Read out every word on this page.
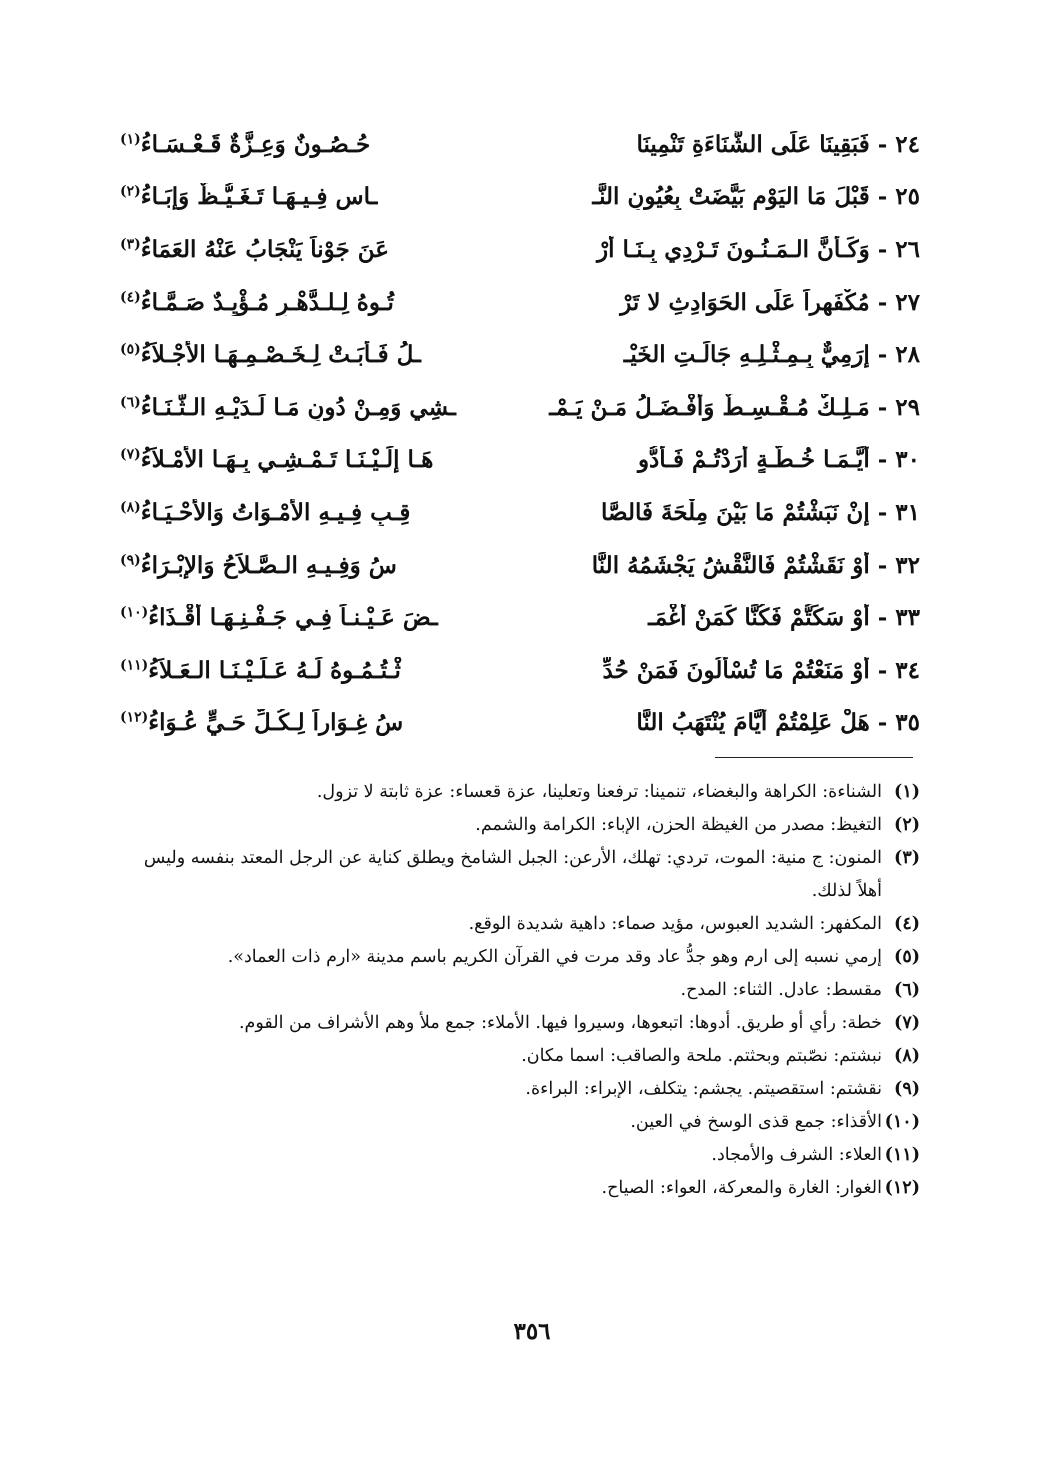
٢٤ - فَبَقِينَا عَلَى الشَّنَاءَةِ تَنْمِينَا
حُـصُـونٌ وَعِـزَّةٌ قَـعْـسَـاءُ$^{(١)}$
٢٥ - قَبْلَ مَا اليَوْمِ بَيَّضَتْ بِعُيُونِ النَّـ
ـاسِ فِـيـهَـا تَـغَـيُّـظٌ وَإِبَـاءُ$^{(٢)}$
٢٦ - وَكَـأَنَّ الـمَـنُـونَ تَـرْدِي بِـنَـا أَرْ
عَنَ جَوْناً يَنْجَابُ عَنْهُ العَمَاءُ$^{(٣)}$
٢٧ - مُكْفَهِراً عَلَى الحَوَادِثِ لا تَرْ
تُـوهُ لِـلـدَّهْـرِ مُـؤْيِـدٌ صَـمَّـاءُ$^{(٤)}$
٢٨ - إِرَمِيٌّ بِـمِـثْـلِـهِ جَالَـتِ الخَيْـ
ـلُ فَـأَبَـتْ لِـخَـصْـمِـهَـا الأَجْـلاَءُ$^{(٥)}$
٢٩ - مَـلِـكٌ مُـقْـسِـطٌ وَأَفْـضَـلُ مَـنْ يَـمْـ
ـشِي وَمِـنْ دُونِ مَـا لَـدَيْـهِ الـثَّـنَـاءُ$^{(٦)}$
٣٠ - أَيَّـمَـا خُـطَّـةٍ أَرَدْتُـمْ فَـأَدُّو
هَـا إِلَـيْـنَـا تَـمْـشِـي بِـهَـا الأَمْـلاَءُ$^{(٧)}$
٣١ - إِنْ نَبَشْتُمْ مَا بَيْنَ مِلْحَةَ فَالصَّا
قِـبِ فِـيـهِ الأَمْـوَاتُ وَالأَحْـيَـاءُ$^{(٨)}$
٣٢ - أَوْ نَقَشْتُمْ فَالنَّقْشُ يَجْشَمُهُ النَّا
سُ وَفِـيـهِ الـصَّـلاَحُ وَالإِبْـرَاءُ$^{(٩)}$
٣٣ - أَوْ سَكَتُّمْ فَكُنَّا كَمَنْ أَغْمَـ
ـضَ عَـيْـنـاً فِـي جَـفْـنِـهَـا أَقْـذَاءُ$^{(١٠)}$
٣٤ - أَوْ مَنَعْتُمْ مَا تُسْأَلُونَ فَمَنْ حُدِّ
ثْـتُـمُـوهُ لَـهُ عَـلَـيْـنَـا الـعَـلاَءُ$^{(١١)}$
٣٥ - هَلْ عَلِمْتُمْ أَيَّامَ يُنْتَهَبُ النَّا
سُ غِـوَاراً لِـكُـلِّ حَـيٍّ عُـوَاءُ$^{(١٢)}$
(١)
الشناءة: الكراهة والبغضاء، تنمينا: ترفعنا وتعلينا، عزة قعساء: عزة ثابتة لا تزول.
(٢)
التغيظ: مصدر من الغيظة الحزن، الإباء: الكرامة والشمم.
(٣)
المنون: ج منية: الموت، تردي: تهلك، الأرعن: الجبل الشامخ ويطلق كناية عن الرجل المعتد بنفسه وليس أهلاً لذلك.
(٤)
المكفهر: الشديد العبوس، مؤيد صماء: داهية شديدة الوقع.
(٥)
إرمي نسبه إلى ارم وهو جدُّ عاد وقد مرت في القرآن الكريم باسم مدينة «ارم ذات العماد».
(٦)
مقسط: عادل. الثناء: المدح.
(٧)
خطة: رأي أو طريق. أدوها: اتبعوها، وسيروا فيها. الأملاء: جمع ملأ وهم الأشراف من القوم.
(٨)
نبشتم: نصّبتم وبحثتم. ملحة والصاقب: اسما مكان.
(٩)
نقشتم: استقصيتم. يجشم: يتكلف، الإبراء: البراءة.
(١٠)
الأقذاء: جمع قذى الوسخ في العين.
(١١)
العلاء: الشرف والأمجاد.
(١٢)
الغوار: الغارة والمعركة، العواء: الصياح.
٣٥٦
